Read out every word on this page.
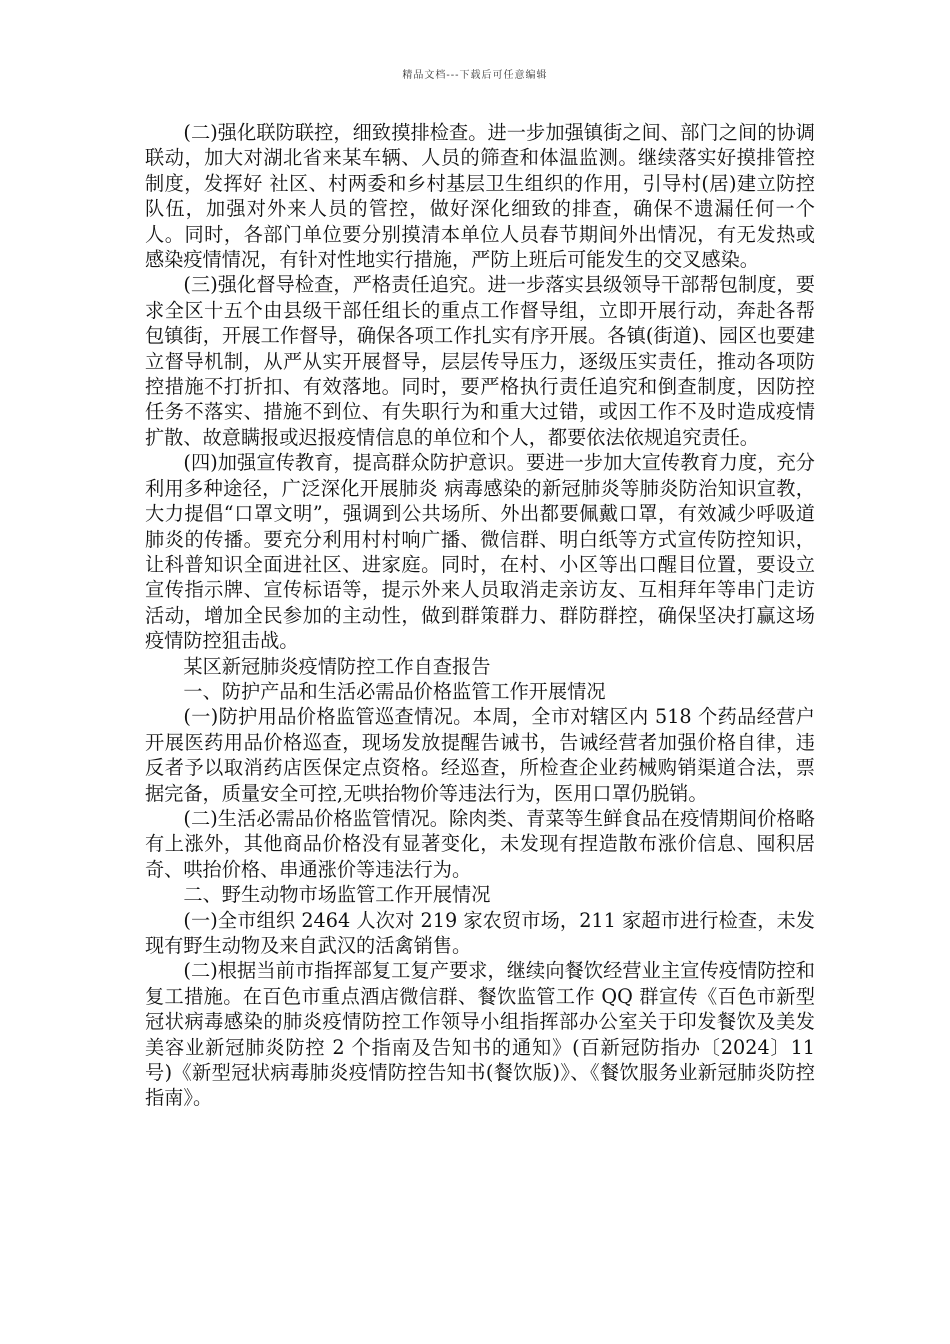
精品文档---下载后可任意编辑

(二)强化联防联控，细致摸排检查。进一步加强镇街之间、部门之间的协调联动，加大对湖北省来某车辆、人员的筛查和体温监测。继续落实好摸排管控制度，发挥好 社区、村两委和乡村基层卫生组织的作用，引导村(居)建立防控队伍，加强对外来人员的管控，做好深化细致的排查，确保不遗漏任何一个人。同时，各部门单位要分别摸清本单位人员春节期间外出情况，有无发热或感染疫情情况，有针对性地实行措施，严防上班后可能发生的交叉感染。

(三)强化督导检查，严格责任追究。进一步落实县级领导干部帮包制度，要求全区十五个由县级干部任组长的重点工作督导组，立即开展行动，奔赴各帮包镇街，开展工作督导，确保各项工作扎实有序开展。各镇(街道)、园区也要建立督导机制，从严从实开展督导，层层传导压力，逐级压实责任，推动各项防控措施不打折扣、有效落地。同时，要严格执行责任追究和倒查制度，因防控任务不落实、措施不到位、有失职行为和重大过错，或因工作不及时造成疫情扩散、故意瞒报或迟报疫情信息的单位和个人，都要依法依规追究责任。

(四)加强宣传教育，提高群众防护意识。要进一步加大宣传教育力度，充分利用多种途径，广泛深化开展肺炎 病毒感染的新冠肺炎等肺炎防治知识宣教，大力提倡“口罩文明”，强调到公共场所、外出都要佩戴口罩，有效减少呼吸道肺炎的传播。要充分利用村村响广播、微信群、明白纸等方式宣传防控知识，让科普知识全面进社区、进家庭。同时，在村、小区等出口醒目位置，要设立宣传指示牌、宣传标语等，提示外来人员取消走亲访友、互相拜年等串门走访活动，增加全民参加的主动性，做到群策群力、群防群控，确保坚决打赢这场疫情防控狙击战。

某区新冠肺炎疫情防控工作自查报告

一、防护产品和生活必需品价格监管工作开展情况

(一)防护用品价格监管巡查情况。本周，全市对辖区内 518 个药品经营户开展医药用品价格巡查，现场发放提醒告诫书，告诫经营者加强价格自律，违反者予以取消药店医保定点资格。经巡查，所检查企业药械购销渠道合法，票据完备，质量安全可控,无哄抬物价等违法行为，医用口罩仍脱销。

(二)生活必需品价格监管情况。除肉类、青菜等生鲜食品在疫情期间价格略有上涨外，其他商品价格没有显著变化，未发现有捏造散布涨价信息、囤积居奇、哄抬价格、串通涨价等违法行为。

二、野生动物市场监管工作开展情况

(一)全市组织 2464 人次对 219 家农贸市场，211 家超市进行检查，未发现有野生动物及来自武汉的活禽销售。

(二)根据当前市指挥部复工复产要求，继续向餐饮经营业主宣传疫情防控和复工措施。在百色市重点酒店微信群、餐饮监管工作 QQ 群宣传《百色市新型冠状病毒感染的肺炎疫情防控工作领导小组指挥部办公室关于印发餐饮及美发美容业新冠肺炎防控 2 个指南及告知书的通知》(百新冠防指办〔2024〕11 号)《新型冠状病毒肺炎疫情防控告知书(餐饮版)》、《餐饮服务业新冠肺炎防控指南》。
